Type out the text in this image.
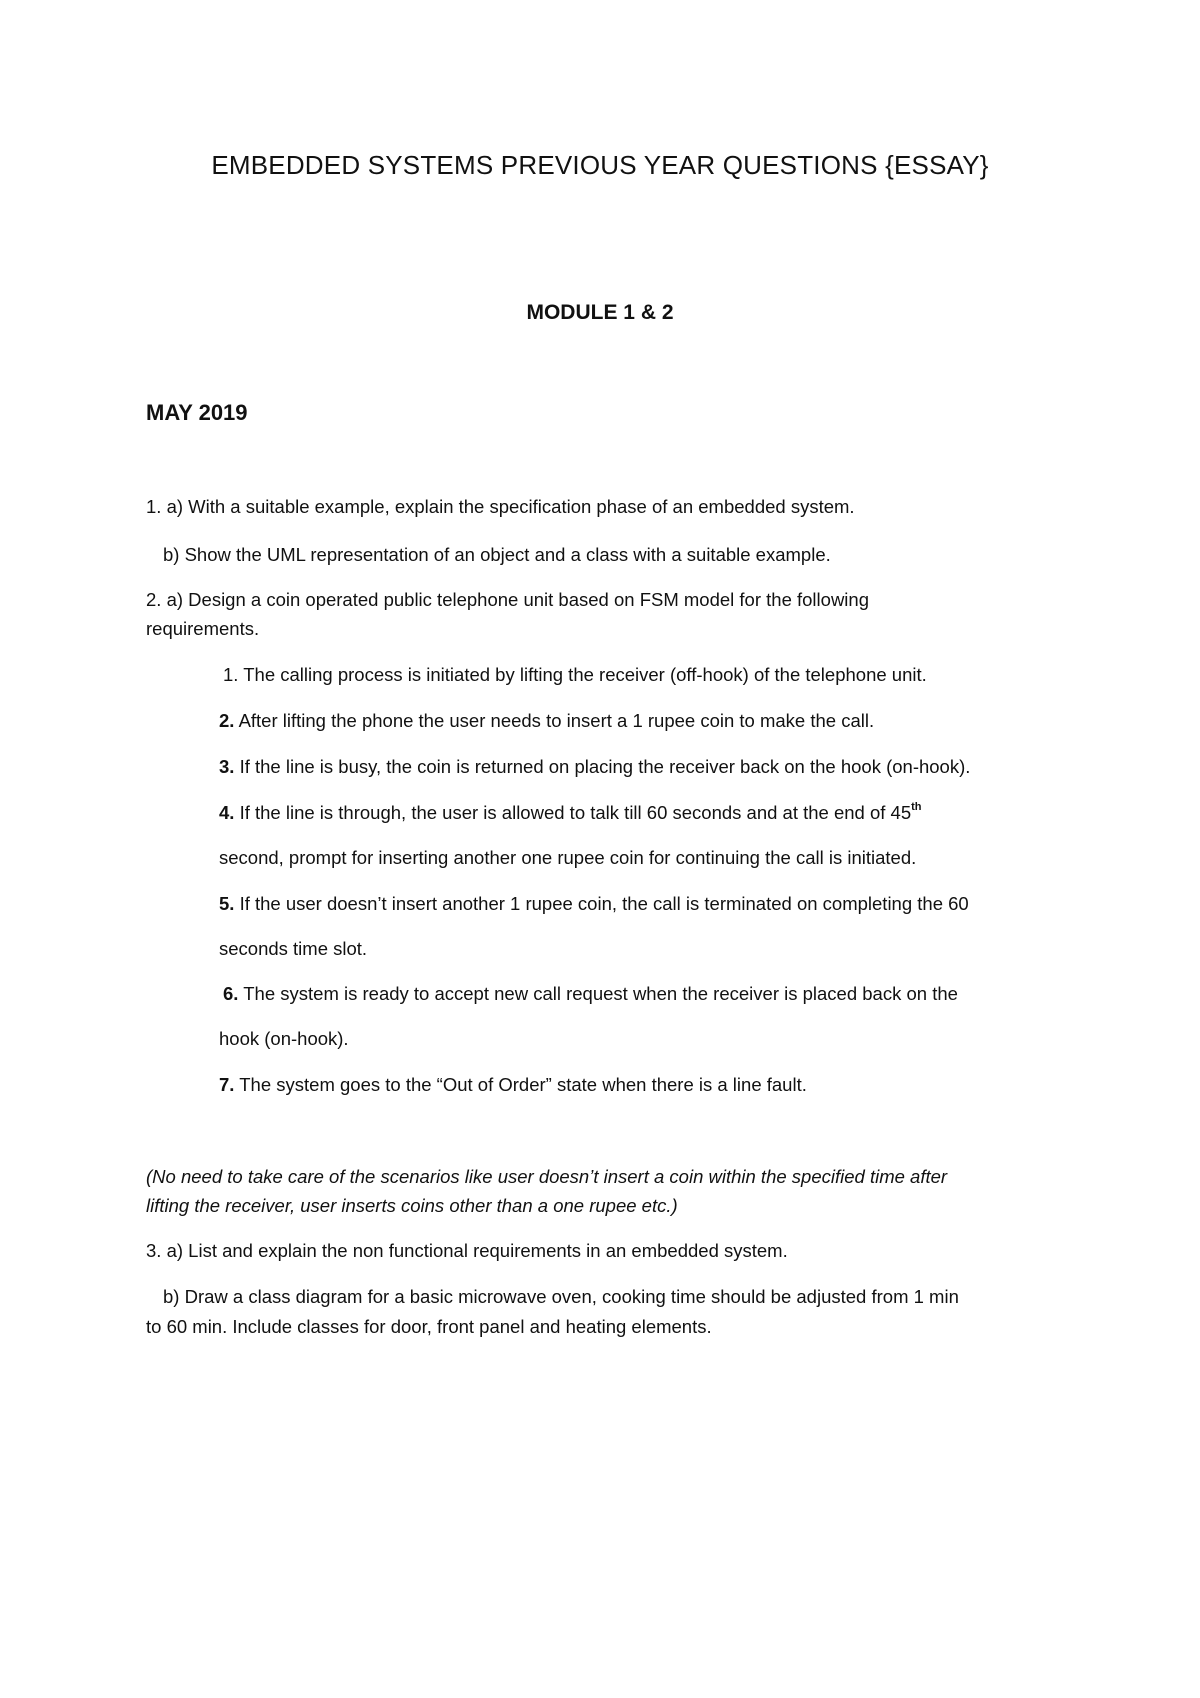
EMBEDDED SYSTEMS PREVIOUS YEAR QUESTIONS {ESSAY}
MODULE 1 & 2
MAY 2019
1. a) With a suitable example, explain the specification phase of an embedded system.
b) Show the UML representation of an object and a class with a suitable example.
2. a) Design a coin operated public telephone unit based on FSM model for the following
requirements.
1. The calling process is initiated by lifting the receiver (off-hook) of the telephone unit.
2. After lifting the phone the user needs to insert a 1 rupee coin to make the call.
3. If the line is busy, the coin is returned on placing the receiver back on the hook (on-hook).
4. If the line is through, the user is allowed to talk till 60 seconds and at the end of 45th
second, prompt for inserting another one rupee coin for continuing the call is initiated.
5. If the user doesn’t insert another 1 rupee coin, the call is terminated on completing the 60
seconds time slot.
6. The system is ready to accept new call request when the receiver is placed back on the
hook (on-hook).
7. The system goes to the “Out of Order” state when there is a line fault.
(No need to take care of the scenarios like user doesn’t insert a coin within the specified time after
lifting the receiver, user inserts coins other than a one rupee etc.)
3. a) List and explain the non functional requirements in an embedded system.
b) Draw a class diagram for a basic microwave oven, cooking time should be adjusted from 1 min
to 60 min. Include classes for door, front panel and heating elements.
